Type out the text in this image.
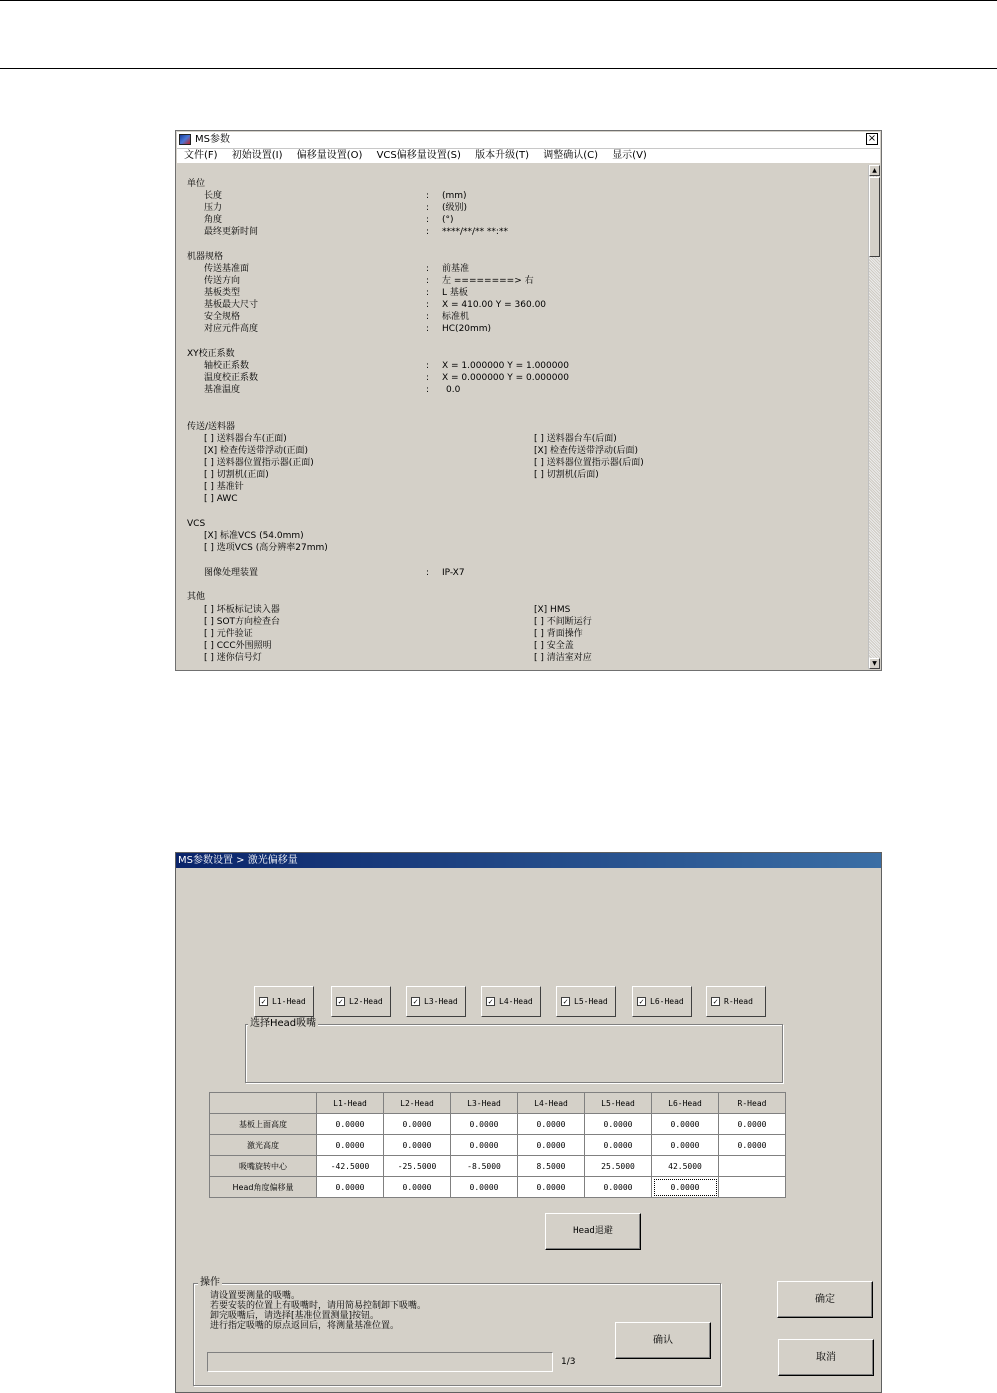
MS参数	×
文件(F) 初始设置(I) 偏移量设置(O) VCS偏移量设置(S) 版本升级(T) 调整确认(C) 显示(V)
单位
长度	: (mm)
压力	: (级别)
角度	: (°)
最终更新时间	: ****/**/** **:**
机器规格
传送基准面	: 前基准
传送方向	: 左 ========> 右
基板类型	: L 基板
基板最大尺寸	: X = 410.00 Y = 360.00
安全规格	: 标准机
对应元件高度	: HC(20mm)
XY校正系数
轴校正系数	: X = 1.000000 Y = 1.000000
温度校正系数	: X = 0.000000 Y = 0.000000
基准温度	: 0.0
传送/送料器
[ ] 送料器台车(正面)
[X] 检查传送带浮动(正面)
[ ] 送料器位置指示器(正面)
[ ] 切割机(正面)
[ ] 基准针
[ ] AWC
[ ] 送料器台车(后面)
[X] 检查传送带浮动(后面)
[ ] 送料器位置指示器(后面)
[ ] 切割机(后面)
VCS
[X] 标准VCS (54.0mm)
[ ] 选项VCS (高分辨率27mm)
图像处理装置	: IP-X7
其他
[ ] 坏板标记读入器
[ ] SOT方向检查台
[ ] 元件验证
[ ] CCC外围照明
[ ] 迷你信号灯
[X] HMS
[ ] 不间断运行
[ ] 背面操作
[ ] 安全盖
[ ] 清洁室对应
▲
▼
MS参数设置 > 激光偏移量
选择Head吸嘴
✓ L1-Head	✓ L2-Head	✓ L3-Head	✓ L4-Head	✓ L5-Head	✓ L6-Head	✓ R-Head
	L1-Head	L2-Head	L3-Head	L4-Head	L5-Head	L6-Head	R-Head
基板上面高度	0.0000	0.0000	0.0000	0.0000	0.0000	0.0000	0.0000
激光高度	0.0000	0.0000	0.0000	0.0000	0.0000	0.0000	0.0000
吸嘴旋转中心	-42.5000	-25.5000	-8.5000	8.5000	25.5000	42.5000	
Head角度偏移量	0.0000	0.0000	0.0000	0.0000	0.0000	0.0000	
Head退避
操作
请设置要测量的吸嘴。
若要安装的位置上有吸嘴时，请用简易控制卸下吸嘴。
卸完吸嘴后，请选择[基准位置测量]按钮。
进行指定吸嘴的原点返回后，将测量基准位置。
1/3
确认
确定
取消
